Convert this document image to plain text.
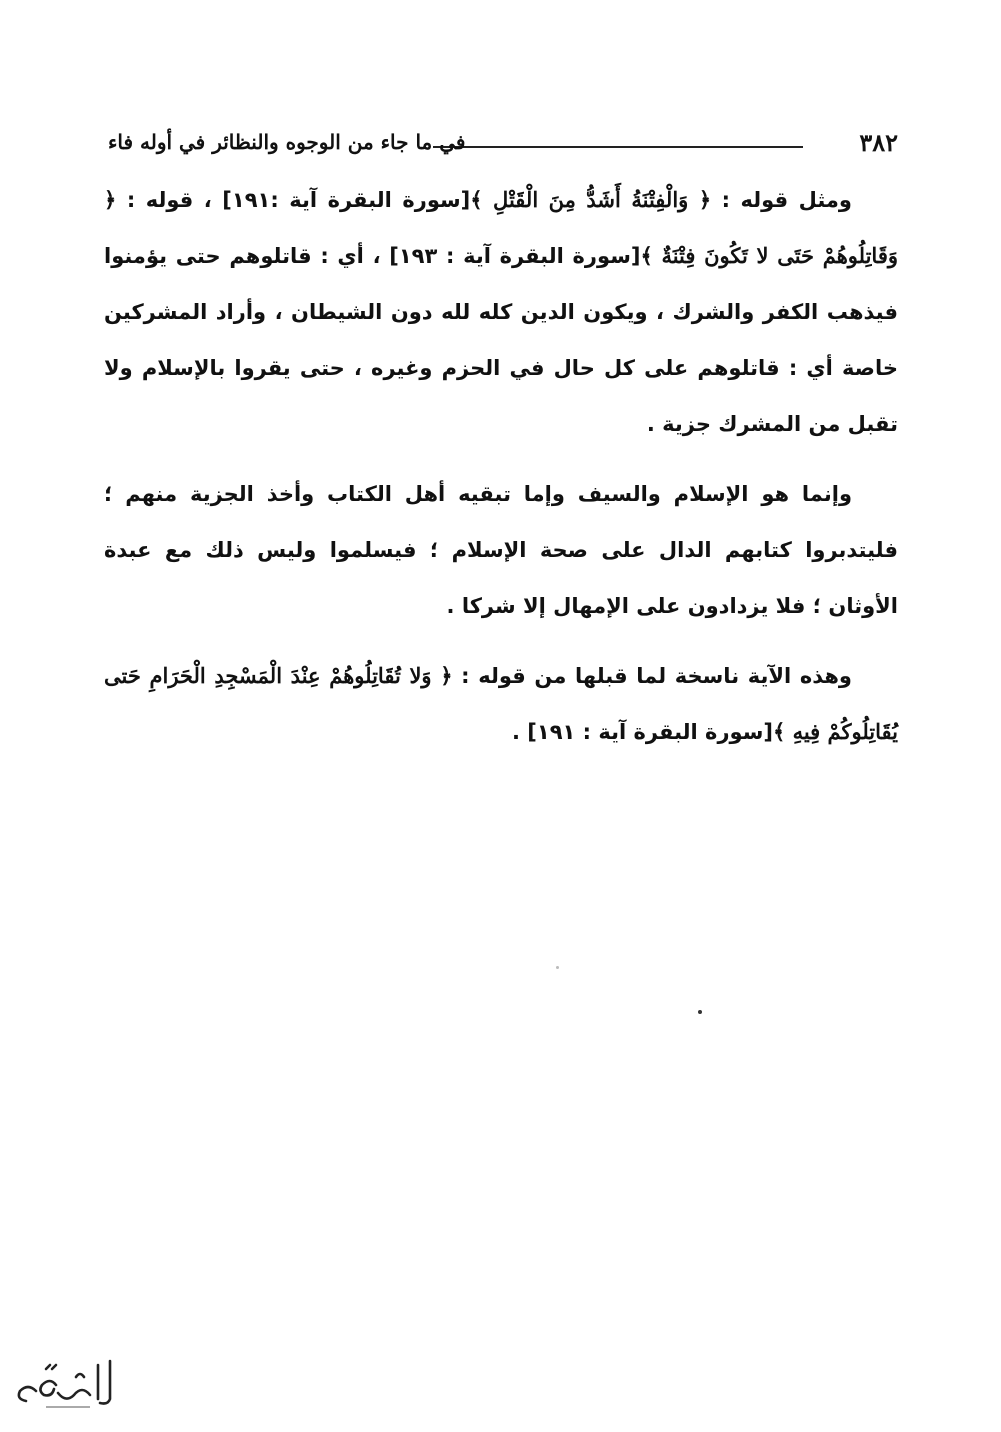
٣٨٢
في ما جاء من الوجوه والنظائر في أوله فاء

ومثل قوله : ﴿ وَالْفِتْنَةُ أَشَدُّ مِنَ الْقَتْلِ ﴾[سورة البقرة آية :١٩١] ، قوله : ﴿ وَقَاتِلُوهُمْ حَتَى لا تَكُونَ فِتْنَةٌ ﴾[سورة البقرة آية : ١٩٣] ، أي : قاتلوهم حتى يؤمنوا فيذهب الكفر والشرك ، ويكون الدين كله لله دون الشيطان ، وأراد المشركين خاصة أي : قاتلوهم على كل حال في الحزم وغيره ، حتى يقروا بالإسلام ولا تقبل من المشرك جزية .

وإنما هو الإسلام والسيف وإما تبقيه أهل الكتاب وأخذ الجزية منهم ؛ فليتدبروا كتابهم الدال على صحة الإسلام ؛ فيسلموا وليس ذلك مع عبدة الأوثان ؛ فلا يزدادون على الإمهال إلا شركا .

وهذه الآية ناسخة لما قبلها من قوله : ﴿ وَلا تُقَاتِلُوهُمْ عِنْدَ الْمَسْجِدِ الْحَرَامِ حَتى يُقَاتِلُوكُمْ فِيهِ ﴾[سورة البقرة آية : ١٩١] .
